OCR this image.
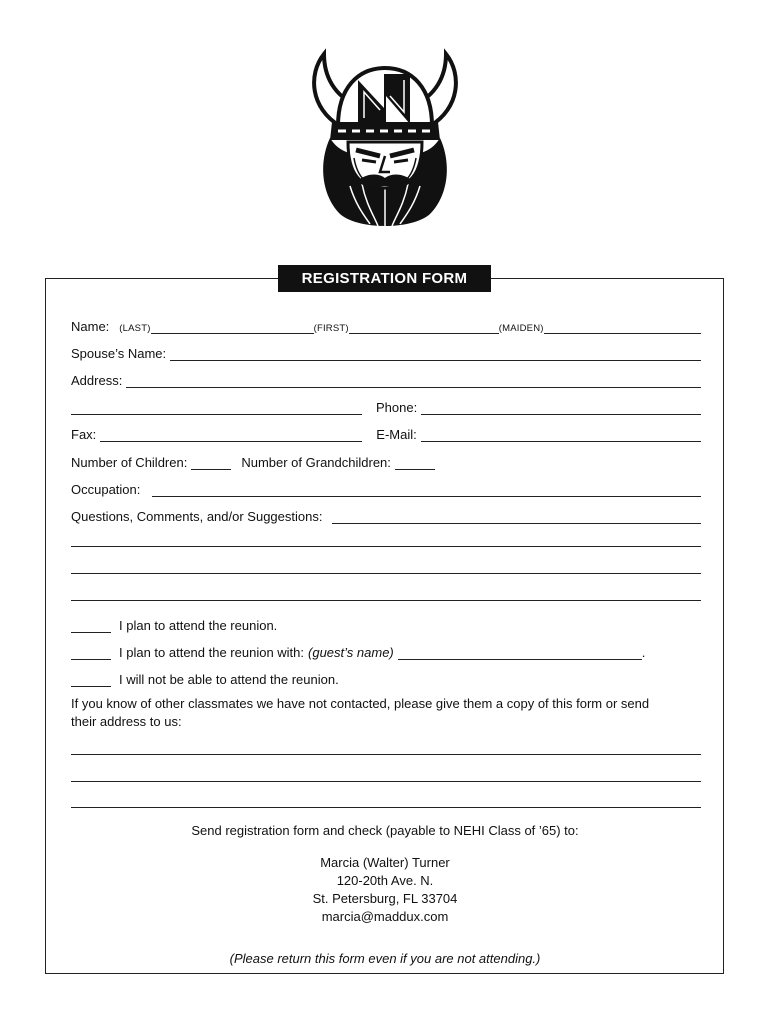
REGISTRATION FORM
Name: (LAST)	(FIRST)	(MAIDEN)
Spouse’s Name:
Address:
Phone:
Fax:	E-Mail:
Number of Children:	Number of Grandchildren:
Occupation:
Questions, Comments, and/or Suggestions:
I plan to attend the reunion.
I plan to attend the reunion with: (guest’s name)	.
I will not be able to attend the reunion.
If you know of other classmates we have not contacted, please give them a copy of this form or send their address to us:
Send registration form and check (payable to NEHI Class of ’65) to:
Marcia (Walter) Turner
120-20th Ave. N.
St. Petersburg, FL 33704
marcia@maddux.com
(Please return this form even if you are not attending.)
